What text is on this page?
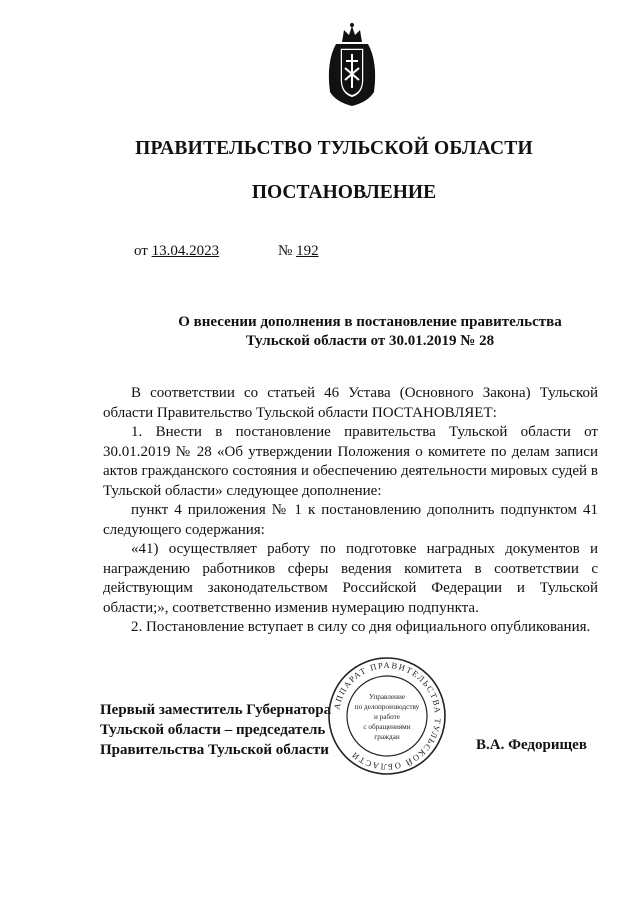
ПРАВИТЕЛЬСТВО ТУЛЬСКОЙ ОБЛАСТИ
ПОСТАНОВЛЕНИЕ
от 13.04.2023	№ 192
О внесении дополнения в постановление правительства
Тульской области от 30.01.2019 № 28

В соответствии со статьей 46 Устава (Основного Закона) Тульской области Правительство Тульской области ПОСТАНОВЛЯЕТ:

1. Внести в постановление правительства Тульской области от 30.01.2019 № 28 «Об утверждении Положения о комитете по делам записи актов гражданского состояния и обеспечению деятельности мировых судей в Тульской области» следующее дополнение:

пункт 4 приложения № 1 к постановлению дополнить подпунктом 41 следующего содержания:

«41) осуществляет работу по подготовке наградных документов и награждению работников сферы ведения комитета в соответствии с действующим законодательством Российской Федерации и Тульской области;», соответственно изменив нумерацию подпункта.

2. Постановление вступает в силу со дня официального опубликования.

Первый заместитель Губернатора
Тульской области – председатель
Правительства Тульской области
АППАРАТ ПРАВИТЕЛЬСТВА ТУЛЬСКОЙ ОБЛАСТИ
Управление
по делопроизводству
и работе
с обращениями
граждан	В.А. Федорищев
